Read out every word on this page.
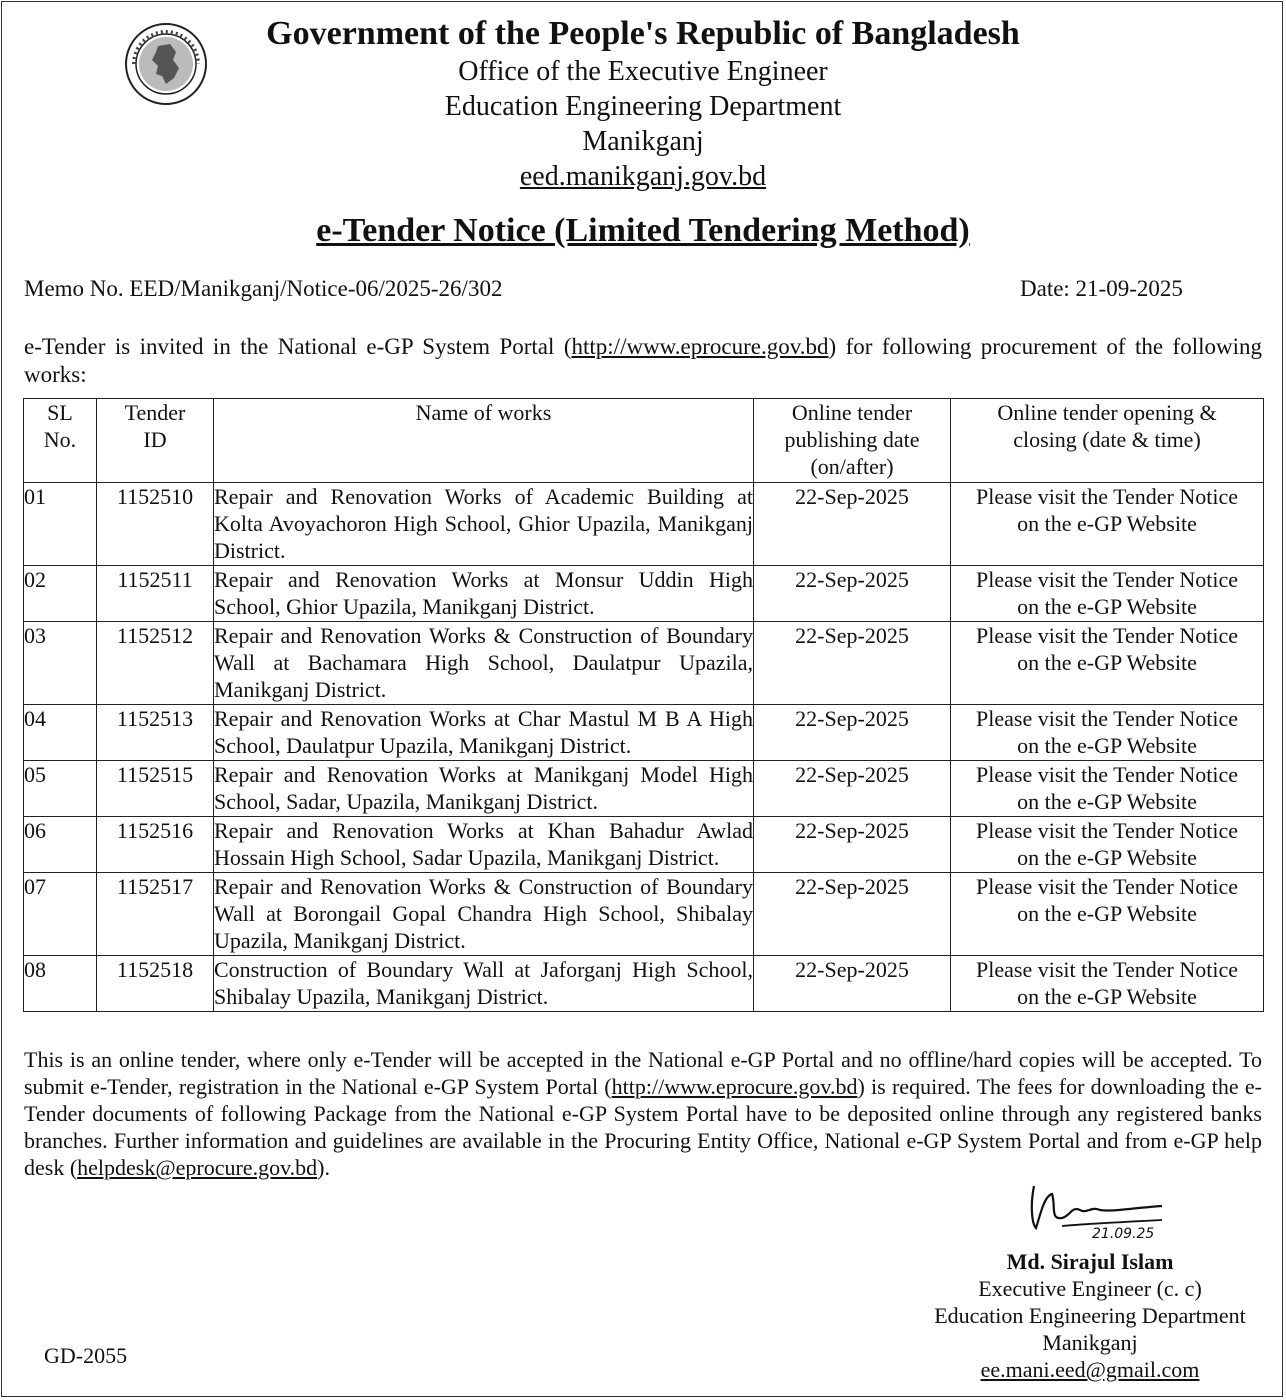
Government of the People's Republic of Bangladesh

Office of the Executive Engineer

Education Engineering Department

Manikganj

eed.manikganj.gov.bd

e-Tender Notice (Limited Tendering Method)
Memo No. EED/Manikganj/Notice-06/2025-26/302	Date: 21-09-2025
e-Tender is invited in the National e-GP System Portal (http://www.eprocure.gov.bd) for following procurement of the following works:
SL No.	Tender ID	Name of works	Online tender publishing date (on/after)	Online tender opening & closing (date & time)
01	1152510	Repair and Renovation Works of Academic Building at Kolta Avoyachoron High School, Ghior Upazila, Manikganj District.	22-Sep-2025	Please visit the Tender Notice on the e-GP Website
02	1152511	Repair and Renovation Works at Monsur Uddin High School, Ghior Upazila, Manikganj District.	22-Sep-2025	Please visit the Tender Notice on the e-GP Website
03	1152512	Repair and Renovation Works & Construction of Boundary Wall at Bachamara High School, Daulatpur Upazila, Manikganj District.	22-Sep-2025	Please visit the Tender Notice on the e-GP Website
04	1152513	Repair and Renovation Works at Char Mastul M B A High School, Daulatpur Upazila, Manikganj District.	22-Sep-2025	Please visit the Tender Notice on the e-GP Website
05	1152515	Repair and Renovation Works at Manikganj Model High School, Sadar, Upazila, Manikganj District.	22-Sep-2025	Please visit the Tender Notice on the e-GP Website
06	1152516	Repair and Renovation Works at Khan Bahadur Awlad Hossain High School, Sadar Upazila, Manikganj District.	22-Sep-2025	Please visit the Tender Notice on the e-GP Website
07	1152517	Repair and Renovation Works & Construction of Boundary Wall at Borongail Gopal Chandra High School, Shibalay Upazila, Manikganj District.	22-Sep-2025	Please visit the Tender Notice on the e-GP Website
08	1152518	Construction of Boundary Wall at Jaforganj High School, Shibalay Upazila, Manikganj District.	22-Sep-2025	Please visit the Tender Notice on the e-GP Website
This is an online tender, where only e-Tender will be accepted in the National e-GP Portal and no offline/hard copies will be accepted. To submit e-Tender, registration in the National e-GP System Portal (http://www.eprocure.gov.bd) is required. The fees for downloading the e-Tender documents of following Package from the National e-GP System Portal have to be deposited online through any registered banks branches. Further information and guidelines are available in the Procuring Entity Office, National e-GP System Portal and from e-GP help desk (helpdesk@eprocure.gov.bd).
21.09.25
Md. Sirajul Islam
Executive Engineer (c. c)
Education Engineering Department
Manikganj
ee.mani.eed@gmail.com
GD-2055
